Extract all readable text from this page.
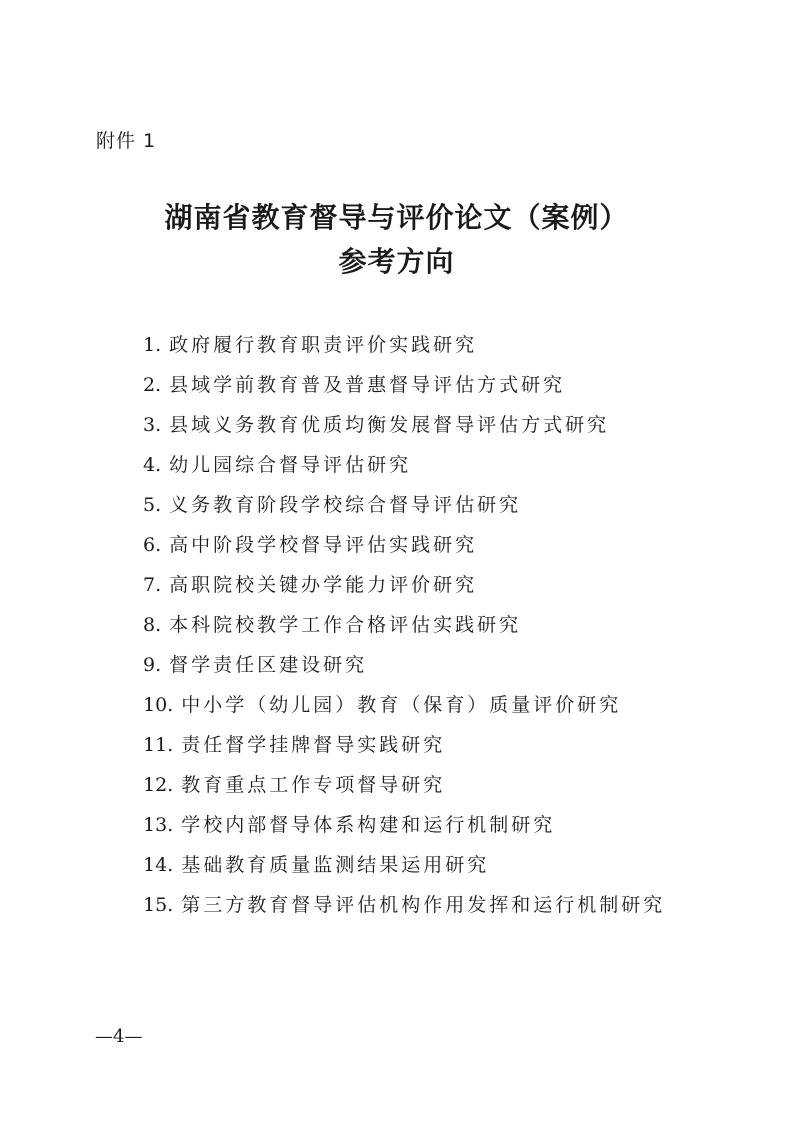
附件 1
湖南省教育督导与评价论文（案例）
参考方向
1. 政府履行教育职责评价实践研究
2. 县域学前教育普及普惠督导评估方式研究
3. 县域义务教育优质均衡发展督导评估方式研究
4. 幼儿园综合督导评估研究
5. 义务教育阶段学校综合督导评估研究
6. 高中阶段学校督导评估实践研究
7. 高职院校关键办学能力评价研究
8. 本科院校教学工作合格评估实践研究
9. 督学责任区建设研究
10. 中小学（幼儿园）教育（保育）质量评价研究
11. 责任督学挂牌督导实践研究
12. 教育重点工作专项督导研究
13. 学校内部督导体系构建和运行机制研究
14. 基础教育质量监测结果运用研究
15. 第三方教育督导评估机构作用发挥和运行机制研究
—4—
